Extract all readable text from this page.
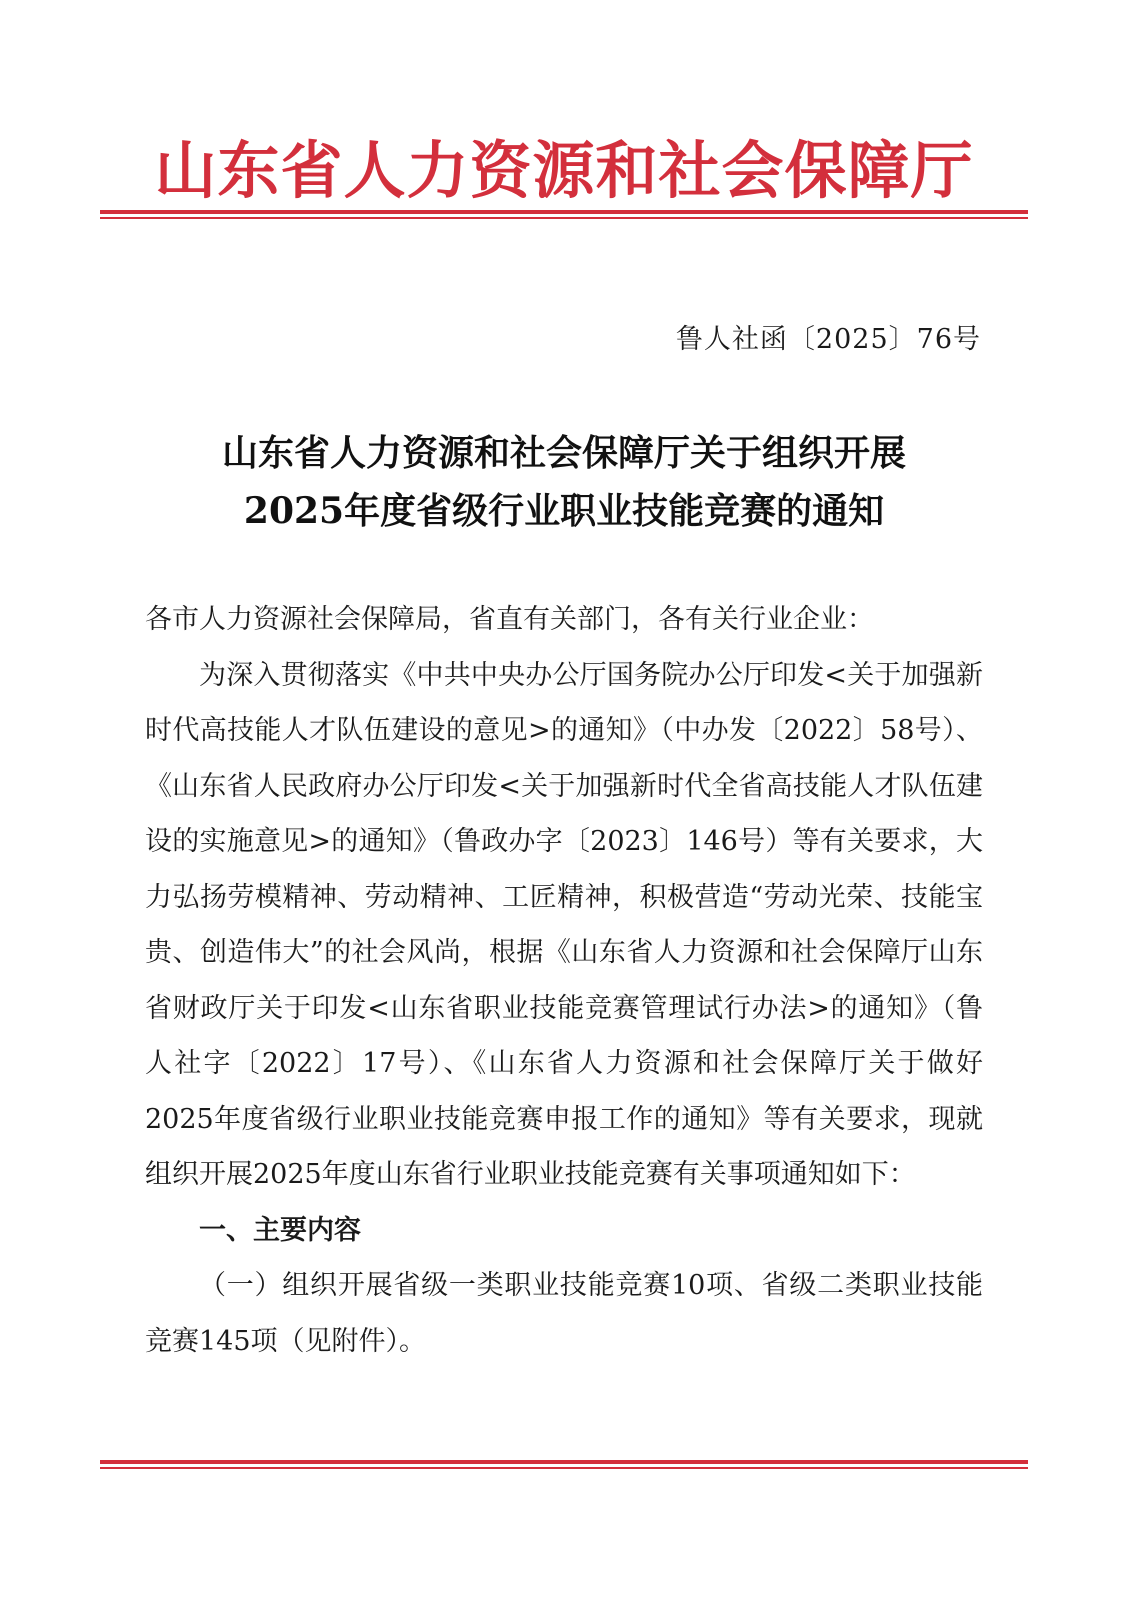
山东省人力资源和社会保障厅
鲁人社函〔2025〕76号
山东省人力资源和社会保障厅关于组织开展
2025年度省级行业职业技能竞赛的通知

各市人力资源社会保障局，省直有关部门，各有关行业企业：

为深入贯彻落实《中共中央办公厅国务院办公厅印发<关于加强新时代高技能人才队伍建设的意见>的通知》（中办发〔2022〕58号）、《山东省人民政府办公厅印发<关于加强新时代全省高技能人才队伍建设的实施意见>的通知》（鲁政办字〔2023〕146号）等有关要求，大力弘扬劳模精神、劳动精神、工匠精神，积极营造“劳动光荣、技能宝贵、创造伟大”的社会风尚，根据《山东省人力资源和社会保障厅山东省财政厅关于印发<山东省职业技能竞赛管理试行办法>的通知》（鲁人社字〔2022〕17号）、《山东省人力资源和社会保障厅关于做好2025年度省级行业职业技能竞赛申报工作的通知》等有关要求，现就组织开展2025年度山东省行业职业技能竞赛有关事项通知如下：

一、主要内容

（一）组织开展省级一类职业技能竞赛10项、省级二类职业技能竞赛145项（见附件）。
